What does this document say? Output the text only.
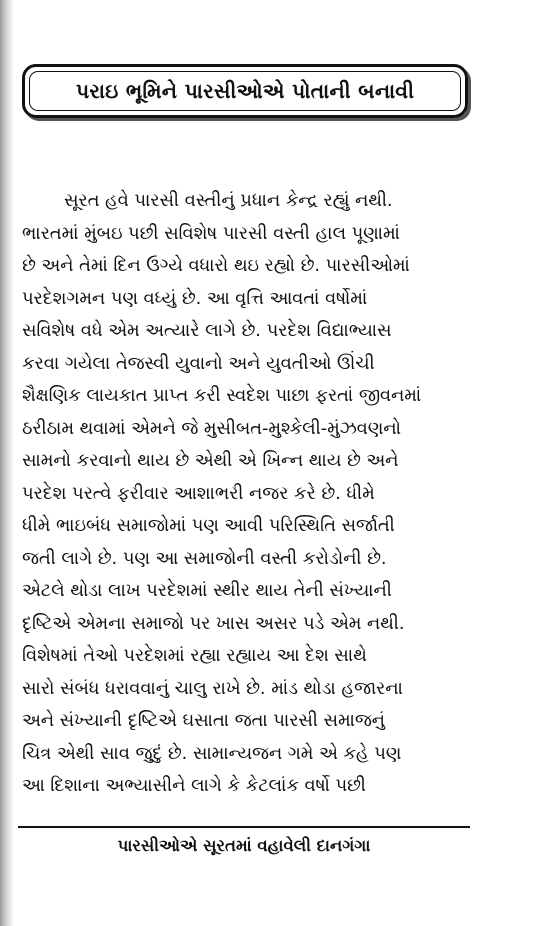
પરાઇ ભૂમિને પારસીઓએ પોતાની બનાવી
સૂરત હવે પારસી વસ્તીનું પ્રધાન કેન્દ્ર રહ્યું નથી.
ભારતમાં મુંબઇ પછી સવિશેષ પારસી વસ્તી હાલ પૂણામાં
છે અને તેમાં દિન ઉગ્યે વધારો થઇ રહ્યો છે. પારસીઓમાં
પરદેશગમન પણ વધ્યું છે. આ વૃત્તિ આવતાં વર્ષોમાં
સવિશેષ વધે એમ અત્યારે લાગે છે. પરદેશ વિદ્યાભ્યાસ
કરવા ગયેલા તેજસ્વી યુવાનો અને યુવતીઓ ઊંચી
શૈક્ષણિક લાયકાત પ્રાપ્ત કરી સ્વદેશ પાછા ફરતાં જીવનમાં
ઠરીઠામ થવામાં એમને જે મુસીબત-મુશ્કેલી-મુંઝવણનો
સામનો કરવાનો થાય છે એથી એ ખિન્ન થાય છે અને
પરદેશ પરત્વે ફરીવાર આશાભરી નજર કરે છે. ધીમે
ધીમે ભાઇબંધ સમાજોમાં પણ આવી પરિસ્થિતિ સર્જાતી
જતી લાગે છે. પણ આ સમાજોની વસ્તી કરોડોની છે.
એટલે થોડા લાખ પરદેશમાં સ્થીર થાય તેની સંખ્યાની
દૃષ્ટિએ એમના સમાજો પર ખાસ અસર પડે એમ નથી.
વિશેષમાં તેઓ પરદેશમાં રહ્યા રહ્યાય આ દેશ સાથે
સારો સંબંધ ધરાવવાનું ચાલુ રાખે છે. માંડ થોડા હજારના
અને સંખ્યાની દૃષ્ટિએ ઘસાતા જતા પારસી સમાજનું
ચિત્ર એથી સાવ જુદું છે. સામાન્યજન ગમે એ કહે પણ
આ દિશાના અભ્યાસીને લાગે કે કેટલાંક વર્ષો પછી
પારસીઓએ સૂરતમાં વહાવેલી દાનગંગા
